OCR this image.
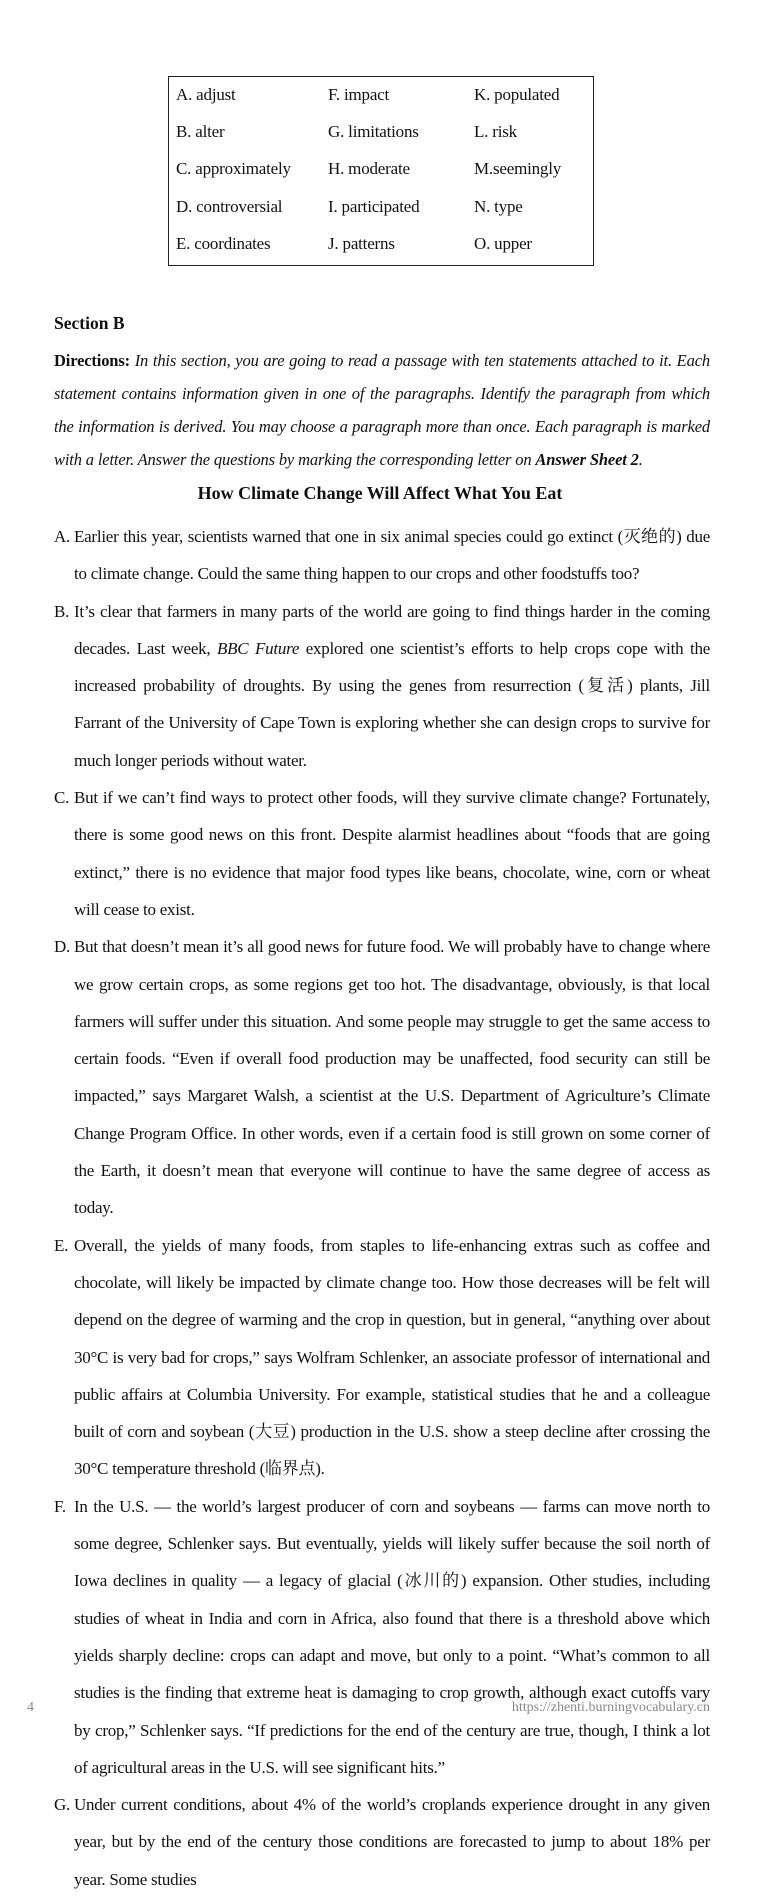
A. adjust	F. impact	K. populated
B. alter	G. limitations	L. risk
C. approximately H. moderate	M.seemingly
D. controversial	I. participated	N. type
E. coordinates	J. patterns	O. upper
Section B
Directions: In this section, you are going to read a passage with ten statements attached to it. Each statement contains information given in one of the paragraphs. Identify the paragraph from which the information is derived. You may choose a paragraph more than once. Each paragraph is marked with a letter. Answer the questions by marking the corresponding letter on Answer Sheet 2.
How Climate Change Will Affect What You Eat
A. Earlier this year, scientists warned that one in six animal species could go extinct (灭绝的) due to climate change. Could the same thing happen to our crops and other foodstuffs too?
B. It’s clear that farmers in many parts of the world are going to find things harder in the coming decades. Last week, BBC Future explored one scientist’s efforts to help crops cope with the increased probability of droughts. By using the genes from resurrection (复活) plants, Jill Farrant of the University of Cape Town is exploring whether she can design crops to survive for much longer periods without water.
C. But if we can’t find ways to protect other foods, will they survive climate change? Fortunately, there is some good news on this front. Despite alarmist headlines about “foods that are going extinct,” there is no evidence that major food types like beans, chocolate, wine, corn or wheat will cease to exist.
D. But that doesn’t mean it’s all good news for future food. We will probably have to change where we grow certain crops, as some regions get too hot. The disadvantage, obviously, is that local farmers will suffer under this situation. And some people may struggle to get the same access to certain foods. “Even if overall food production may be unaffected, food security can still be impacted,” says Margaret Walsh, a scientist at the U.S. Department of Agriculture’s Climate Change Program Office. In other words, even if a certain food is still grown on some corner of the Earth, it doesn’t mean that everyone will continue to have the same degree of access as today.
E. Overall, the yields of many foods, from staples to life-enhancing extras such as coffee and chocolate, will likely be impacted by climate change too. How those decreases will be felt will depend on the degree of warming and the crop in question, but in general, “anything over about 30°C is very bad for crops,” says Wolfram Schlenker, an associate professor of international and public affairs at Columbia University. For example, statistical studies that he and a colleague built of corn and soybean (大豆) production in the U.S. show a steep decline after crossing the 30°C temperature threshold (临界点).
F. In the U.S. — the world’s largest producer of corn and soybeans — farms can move north to some degree, Schlenker says. But eventually, yields will likely suffer because the soil north of Iowa declines in quality — a legacy of glacial (冰川的) expansion. Other studies, including studies of wheat in India and corn in Africa, also found that there is a threshold above which yields sharply decline: crops can adapt and move, but only to a point. “What’s common to all studies is the finding that extreme heat is damaging to crop growth, although exact cutoffs vary by crop,” Schlenker says. “If predictions for the end of the century are true, though, I think a lot of agricultural areas in the U.S. will see significant hits.”
G. Under current conditions, about 4% of the world’s croplands experience drought in any given year, but by the end of the century those conditions are forecasted to jump to about 18% per year. Some studies
4	https://zhenti.burningvocabulary.cn
